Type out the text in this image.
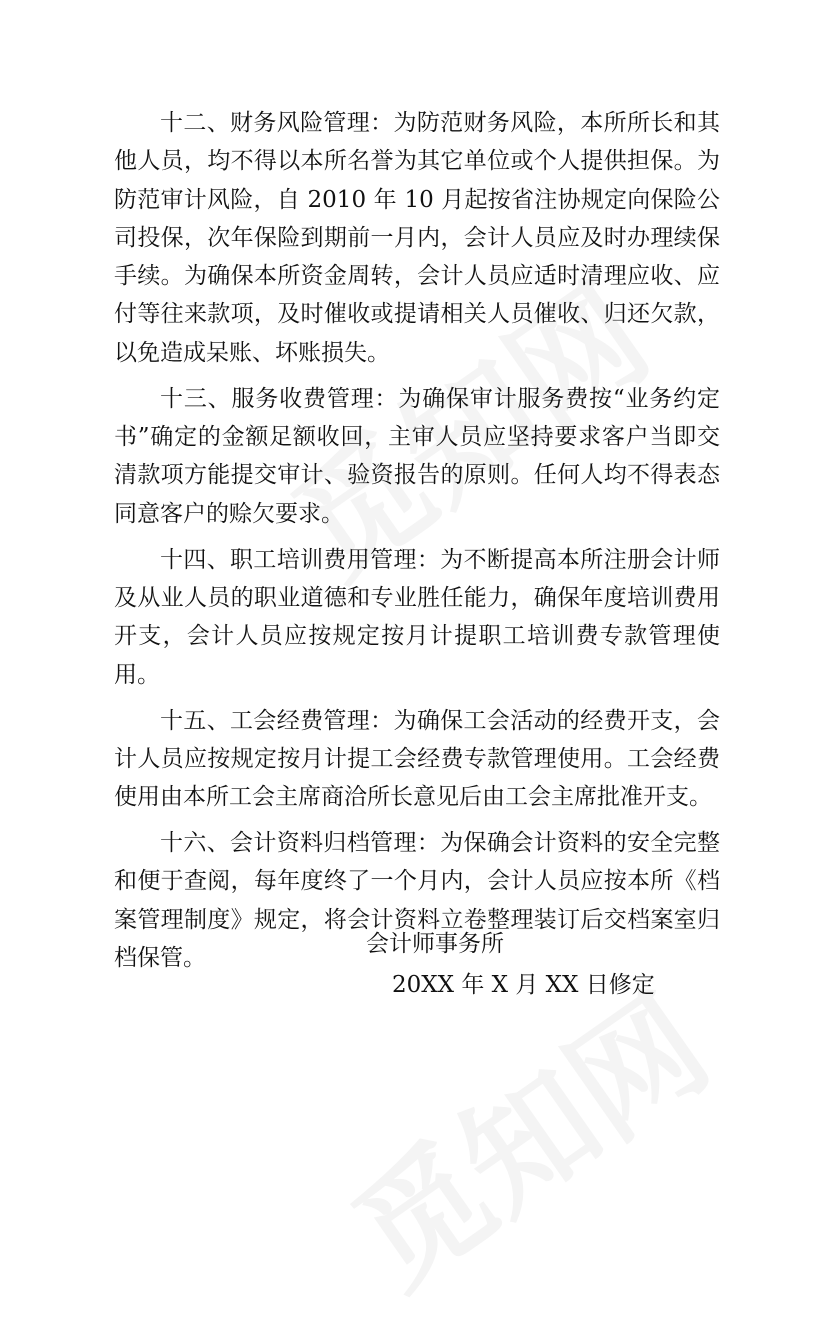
十二、财务风险管理：为防范财务风险，本所所长和其他人员，均不得以本所名誉为其它单位或个人提供担保。为防范审计风险，自 2010 年 10 月起按省注协规定向保险公司投保，次年保险到期前一月内，会计人员应及时办理续保手续。为确保本所资金周转，会计人员应适时清理应收、应付等往来款项，及时催收或提请相关人员催收、归还欠款，以免造成呆账、坏账损失。

十三、服务收费管理：为确保审计服务费按“业务约定书”确定的金额足额收回，主审人员应坚持要求客户当即交清款项方能提交审计、验资报告的原则。任何人均不得表态同意客户的赊欠要求。

十四、职工培训费用管理：为不断提高本所注册会计师及从业人员的职业道德和专业胜任能力，确保年度培训费用开支，会计人员应按规定按月计提职工培训费专款管理使用。

十五、工会经费管理：为确保工会活动的经费开支，会计人员应按规定按月计提工会经费专款管理使用。工会经费使用由本所工会主席商洽所长意见后由工会主席批准开支。

十六、会计资料归档管理：为保确会计资料的安全完整和便于查阅，每年度终了一个月内，会计人员应按本所《档案管理制度》规定，将会计资料立卷整理装订后交档案室归档保管。

会计师事务所
20XX 年 X 月 XX 日修定
